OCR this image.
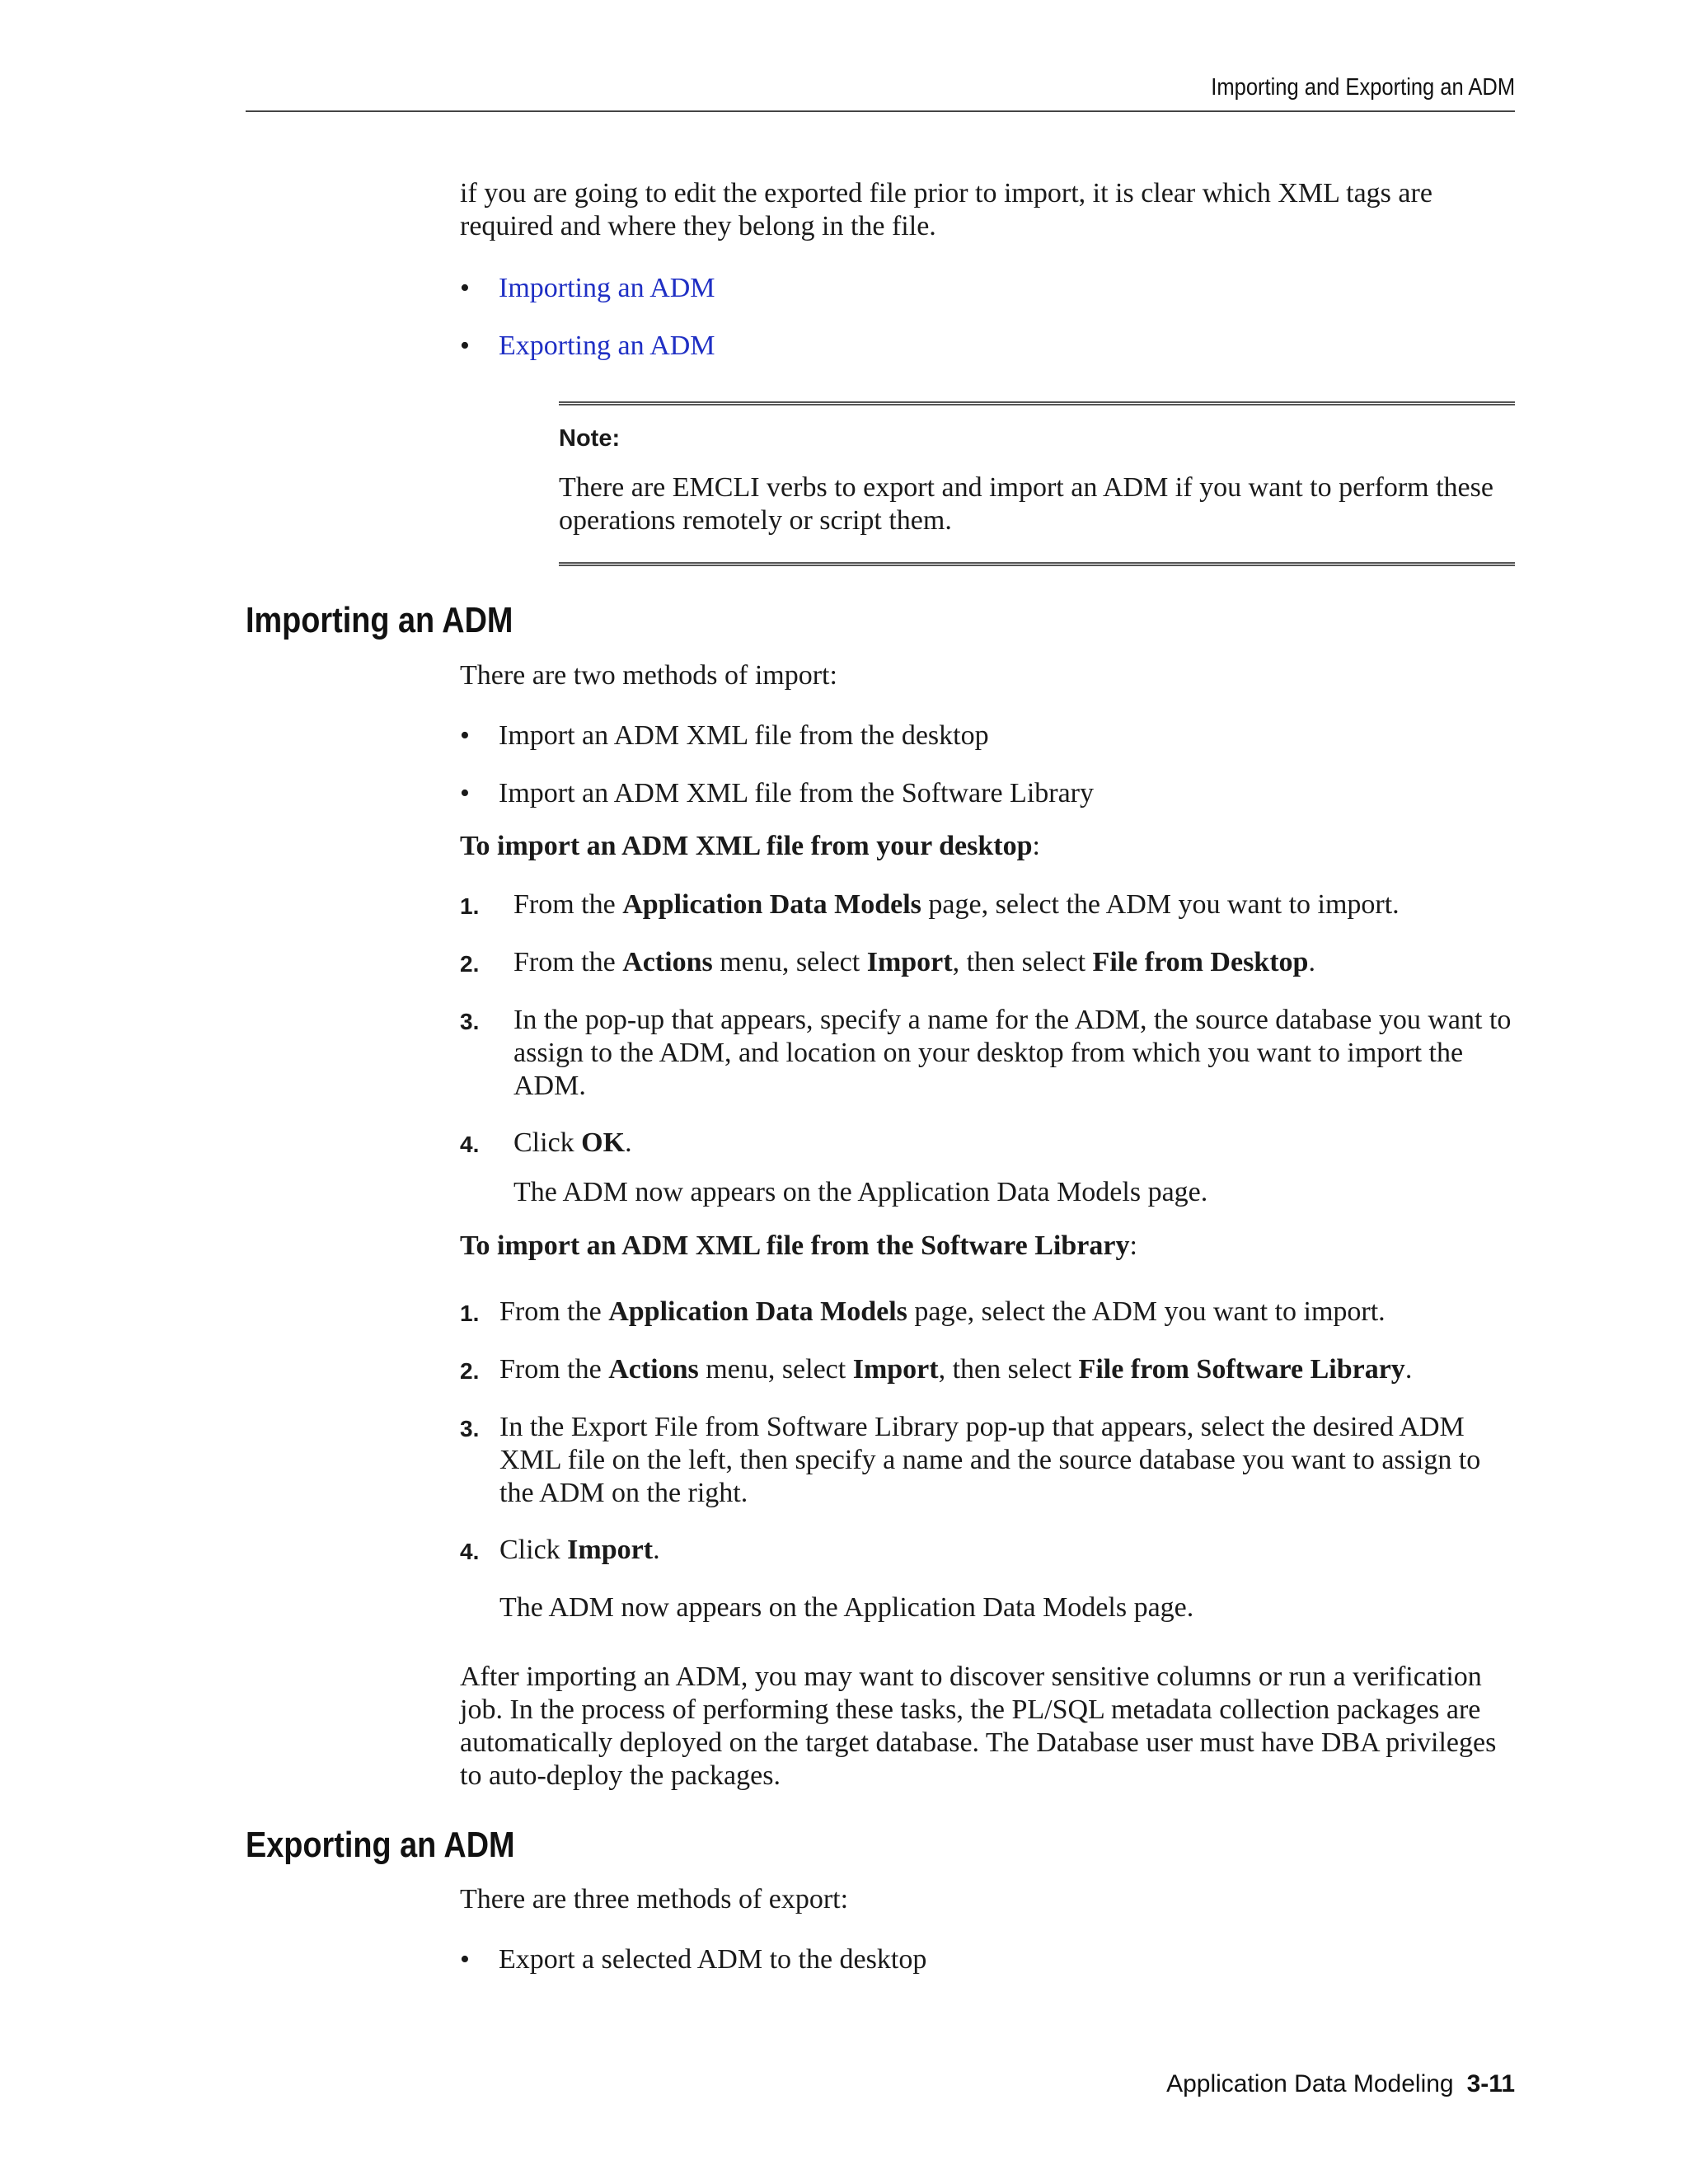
Importing and Exporting an ADM

if you are going to edit the exported file prior to import, it is clear which XML tags are required and where they belong in the file.

• Importing an ADM
• Exporting an ADM
Note:
There are EMCLI verbs to export and import an ADM if you want to perform these operations remotely or script them.
Importing an ADM

There are two methods of import:

• Import an ADM XML file from the desktop
• Import an ADM XML file from the Software Library

To import an ADM XML file from your desktop:

1. From the Application Data Models page, select the ADM you want to import.
2. From the Actions menu, select Import, then select File from Desktop.
3. In the pop-up that appears, specify a name for the ADM, the source database you want to assign to the ADM, and location on your desktop from which you want to import the ADM.
4. Click OK.

The ADM now appears on the Application Data Models page.

To import an ADM XML file from the Software Library:

1. From the Application Data Models page, select the ADM you want to import.
2. From the Actions menu, select Import, then select File from Software Library.
3. In the Export File from Software Library pop-up that appears, select the desired ADM XML file on the left, then specify a name and the source database you want to assign to the ADM on the right.
4. Click Import.

The ADM now appears on the Application Data Models page.

After importing an ADM, you may want to discover sensitive columns or run a verification job. In the process of performing these tasks, the PL/SQL metadata collection packages are automatically deployed on the target database. The Database user must have DBA privileges to auto-deploy the packages.

Exporting an ADM

There are three methods of export:

• Export a selected ADM to the desktop
Application Data Modeling 3-11
